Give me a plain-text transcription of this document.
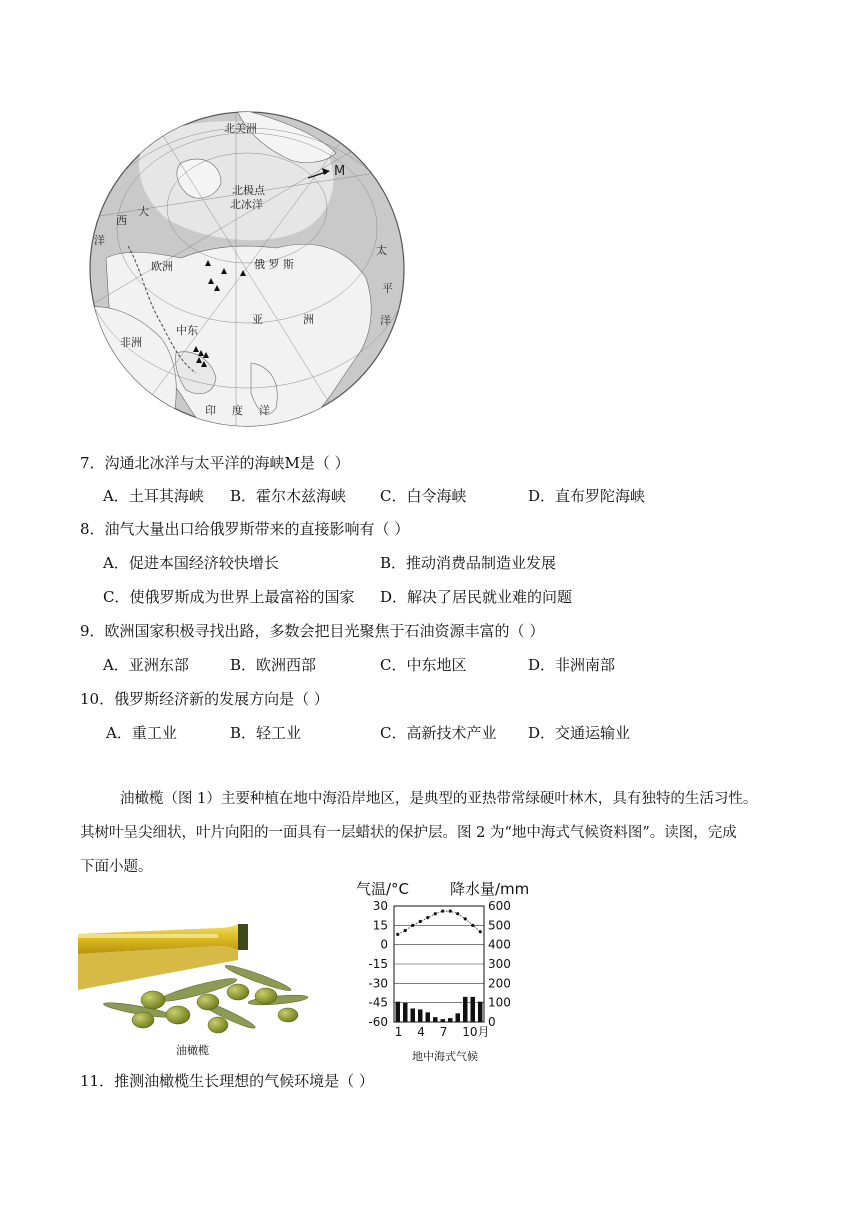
北美洲
M
北极点
北冰洋
西
大
洋
欧洲	俄 罗 斯
太
平
洋
亚	洲
中东
非洲
印 度 洋
7．沟通北冰洋与太平洋的海峡M是（ ）
A．土耳其海峡 B．霍尔木兹海峡 C．白令海峡	D．直布罗陀海峡
8．油气大量出口给俄罗斯带来的直接影响有（ ）
A．促进本国经济较快增长	B．推动消费品制造业发展
C．使俄罗斯成为世界上最富裕的国家 D．解决了居民就业难的问题
9．欧洲国家积极寻找出路，多数会把目光聚焦于石油资源丰富的（ ）
A．亚洲东部	B．欧洲西部	C．中东地区	D．非洲南部
10．俄罗斯经济新的发展方向是（ ）
A．重工业	B．轻工业	C．高新技术产业 D．交通运输业
油橄榄（图 1）主要种植在地中海沿岸地区，是典型的亚热带常绿硬叶林木，具有独特的生活习性。
其树叶呈尖细状，叶片向阳的一面具有一层蜡状的保护层。图 2 为“地中海式气候资料图”。读图，完成
下面小题。
油橄榄
气温/°C	降水量/mm
30
15
0
-15
-30
-45
-60
600
500
400
300
200
100
0
1 4 7 10月
地中海式气候
11．推测油橄榄生长理想的气候环境是（ ）
